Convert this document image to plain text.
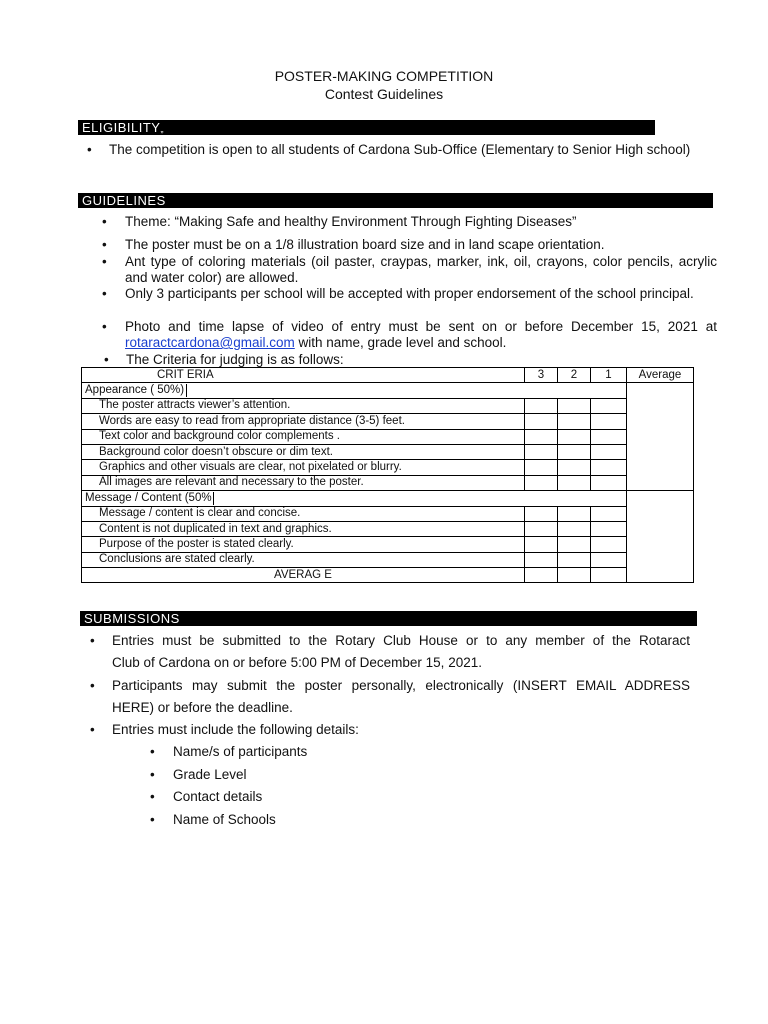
POSTER-MAKING COMPETITION
Contest Guidelines
ELIGIBILITY„
• The competition is open to all students of Cardona Sub-Office (Elementary to Senior High school)
GUIDELINES
• Theme: “Making Safe and healthy Environment Through Fighting Diseases”
• The poster must be on a 1/8 illustration board size and in land scape orientation.
• Ant type of coloring materials (oil paster, craypas, marker, ink, oil, crayons, color pencils, acrylic and water color) are allowed.
• Only 3 participants per school will be accepted with proper endorsement of the school principal.
• Photo and time lapse of video of entry must be sent on or before December 15, 2021 at
rotaractcardona@gmail.com with name, grade level and school.
• The Criteria for judging is as follows:
CRIT ERIA	3	2	1	Average
Appearance ( 50%)				
The poster attracts viewer’s attention.				
Words are easy to read from appropriate distance (3-5) feet.				
Text color and background color complements .				
Background color doesn’t obscure or dim text.				
Graphics and other visuals are clear, not pixelated or blurry.				
All images are relevant and necessary to the poster.				
Message / Content (50%				
Message / content is clear and concise.				
Content is not duplicated in text and graphics.				
Purpose of the poster is stated clearly.				
Conclusions are stated clearly.				
AVERAG E				
SUBMISSIONS
• Entries must be submitted to the Rotary Club House or to any member of the Rotaract
Club of Cardona on or before 5:00 PM of December 15, 2021.
• Participants may submit the poster personally, electronically (INSERT EMAIL ADDRESS
HERE) or before the deadline.
• Entries must include the following details:
• Name/s of participants
• Grade Level
• Contact details
• Name of Schools
